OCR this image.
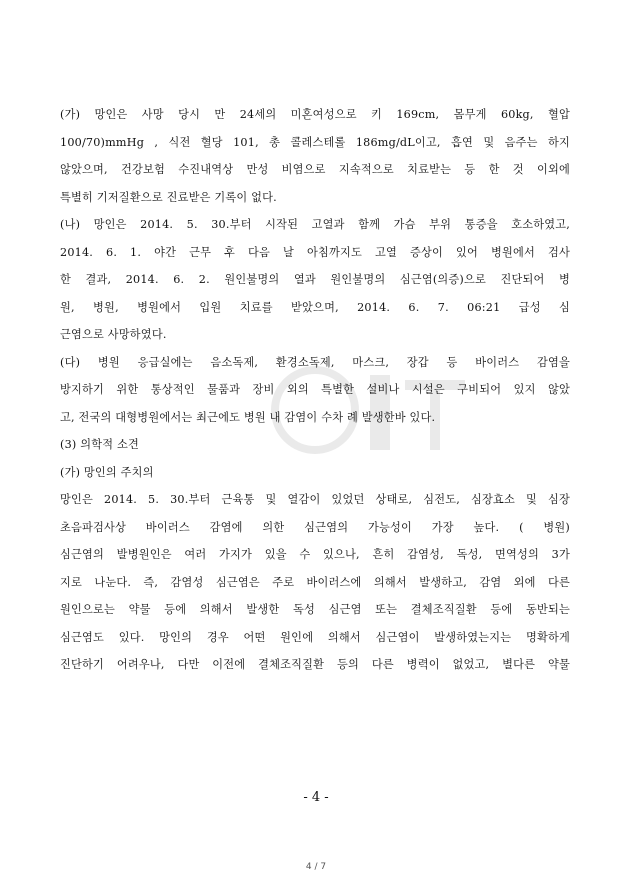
(가) 망인은 사망 당시 만 24세의 미혼여성으로 키 169cm, 몸무게 60kg, 혈압
100/70)mmHg , 식전 혈당 101, 총 콜레스테롤 186mg/dL이고, 흡연 및 음주는 하지
않았으며, 건강보험 수진내역상 만성 비염으로 지속적으로 치료받는 등 한 것 이외에
특별히 기저질환으로 진료받은 기록이 없다.
(나) 망인은 2014. 5. 30.부터 시작된 고열과 함께 가슴 부위 통증을 호소하였고,
2014. 6. 1. 야간 근무 후 다음 날 아침까지도 고열 증상이 있어 병원에서 검사
한 결과, 2014. 6. 2. 원인불명의 열과 원인불명의 심근염(의증)으로 진단되어 병
원, 병원, 병원에서 입원 치료를 받았으며, 2014. 6. 7. 06:21 급성 심
근염으로 사망하였다.
(다) 병원 응급실에는 음소독제, 환경소독제, 마스크, 장갑 등 바이러스 감염을
방지하기 위한 통상적인 물품과 장비 외의 특별한 설비나 시설은 구비되어 있지 않았
고, 전국의 대형병원에서는 최근에도 병원 내 감염이 수차 례 발생한바 있다.
(3) 의학적 소견
(가) 망인의 주치의
망인은 2014. 5. 30.부터 근육통 및 열감이 있었던 상태로, 심전도, 심장효소 및 심장
초음파검사상 바이러스 감염에 의한 심근염의 가능성이 가장 높다. ( 병원)
심근염의 발병원인은 여러 가지가 있을 수 있으나, 흔히 감염성, 독성, 면역성의 3가
지로 나눈다. 즉, 감염성 심근염은 주로 바이러스에 의해서 발생하고, 감염 외에 다른
원인으로는 약물 등에 의해서 발생한 독성 심근염 또는 결체조직질환 등에 동반되는
심근염도 있다. 망인의 경우 어떤 원인에 의해서 심근염이 발생하였는지는 명확하게
진단하기 어려우나, 다만 이전에 결체조직질환 등의 다른 병력이 없었고, 별다른 약물
- 4 -
4 / 7
